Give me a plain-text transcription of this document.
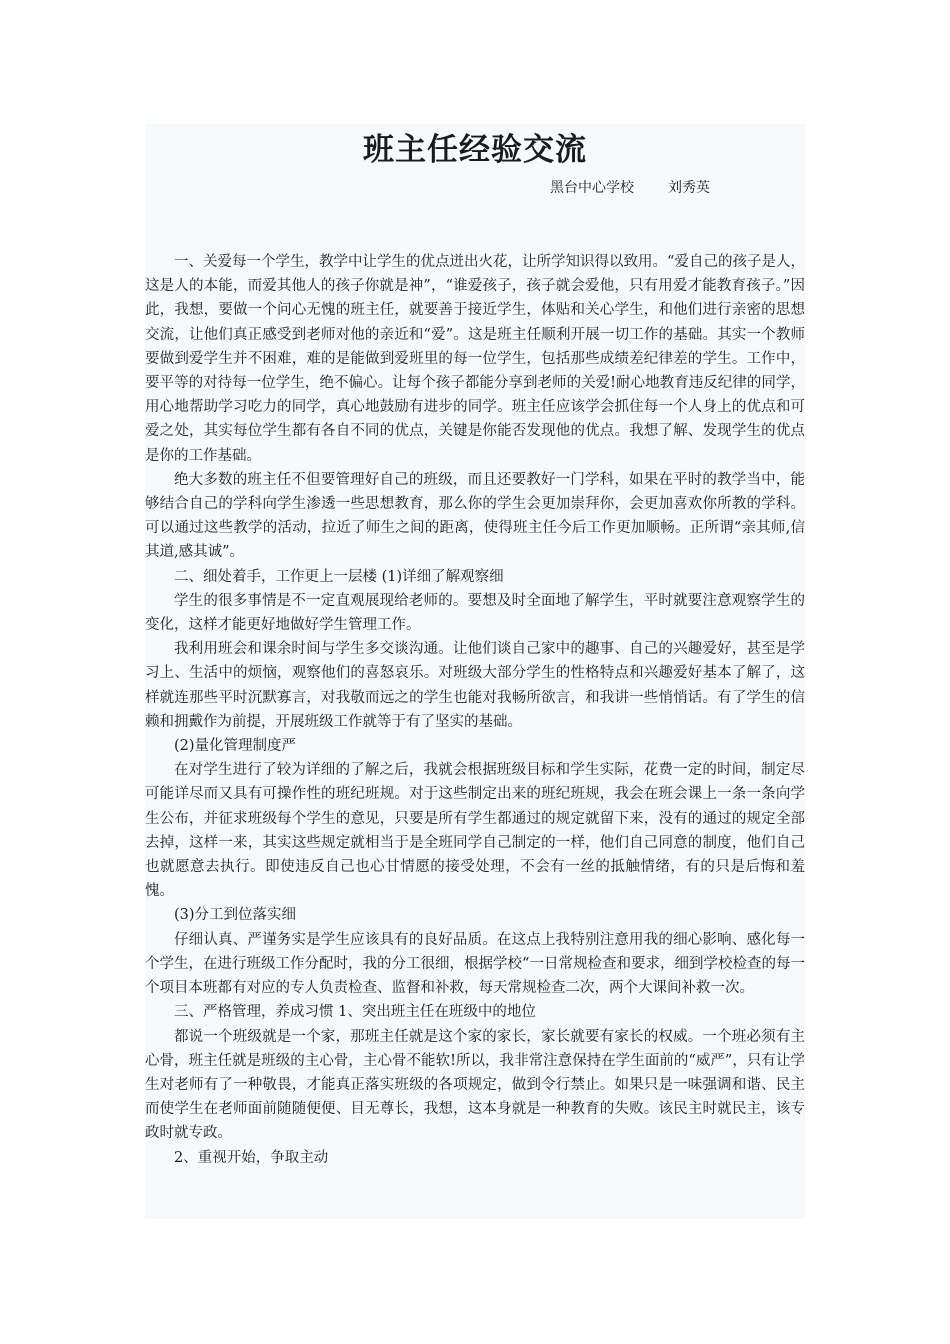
班主任经验交流
黑台中心学校 刘秀英

一、关爱每一个学生，教学中让学生的优点迸出火花，让所学知识得以致用。“爱自己的孩子是人，这是人的本能，而爱其他人的孩子你就是神”，“谁爱孩子，孩子就会爱他，只有用爱才能教育孩子。”因此，我想，要做一个问心无愧的班主任，就要善于接近学生，体贴和关心学生，和他们进行亲密的思想交流，让他们真正感受到老师对他的亲近和“爱”。这是班主任顺利开展一切工作的基础。其实一个教师要做到爱学生并不困难，难的是能做到爱班里的每一位学生，包括那些成绩差纪律差的学生。工作中，要平等的对待每一位学生，绝不偏心。让每个孩子都能分享到老师的关爱!耐心地教育违反纪律的同学，用心地帮助学习吃力的同学，真心地鼓励有进步的同学。班主任应该学会抓住每一个人身上的优点和可爱之处，其实每位学生都有各自不同的优点，关键是你能否发现他的优点。我想了解、发现学生的优点是你的工作基础。

绝大多数的班主任不但要管理好自己的班级，而且还要教好一门学科，如果在平时的教学当中，能够结合自己的学科向学生渗透一些思想教育，那么你的学生会更加崇拜你，会更加喜欢你所教的学科。可以通过这些教学的活动，拉近了师生之间的距离，使得班主任今后工作更加顺畅。正所谓“亲其师,信其道,感其诚”。

二、细处着手，工作更上一层楼 (1)详细了解观察细

学生的很多事情是不一定直观展现给老师的。要想及时全面地了解学生，平时就要注意观察学生的变化，这样才能更好地做好学生管理工作。

我利用班会和课余时间与学生多交谈沟通。让他们谈自己家中的趣事、自己的兴趣爱好，甚至是学习上、生活中的烦恼，观察他们的喜怒哀乐。对班级大部分学生的性格特点和兴趣爱好基本了解了，这样就连那些平时沉默寡言，对我敬而远之的学生也能对我畅所欲言，和我讲一些悄悄话。有了学生的信赖和拥戴作为前提，开展班级工作就等于有了坚实的基础。

(2)量化管理制度严

在对学生进行了较为详细的了解之后，我就会根据班级目标和学生实际，花费一定的时间，制定尽可能详尽而又具有可操作性的班纪班规。对于这些制定出来的班纪班规，我会在班会课上一条一条向学生公布，并征求班级每个学生的意见，只要是所有学生都通过的规定就留下来，没有的通过的规定全部去掉，这样一来，其实这些规定就相当于是全班同学自己制定的一样，他们自己同意的制度，他们自己也就愿意去执行。即使违反自己也心甘情愿的接受处理，不会有一丝的抵触情绪，有的只是后悔和羞愧。

(3)分工到位落实细

仔细认真、严谨务实是学生应该具有的良好品质。在这点上我特别注意用我的细心影响、感化每一个学生，在进行班级工作分配时，我的分工很细，根据学校“一日常规检查和要求，细到学校检查的每一个项目本班都有对应的专人负责检查、监督和补救，每天常规检查二次，两个大课间补救一次。

三、严格管理，养成习惯 1、突出班主任在班级中的地位

都说一个班级就是一个家，那班主任就是这个家的家长，家长就要有家长的权威。一个班必须有主心骨，班主任就是班级的主心骨，主心骨不能软!所以，我非常注意保持在学生面前的“威严”，只有让学生对老师有了一种敬畏，才能真正落实班级的各项规定，做到令行禁止。如果只是一味强调和谐、民主而使学生在老师面前随随便便、目无尊长，我想，这本身就是一种教育的失败。该民主时就民主，该专政时就专政。

2、重视开始，争取主动
